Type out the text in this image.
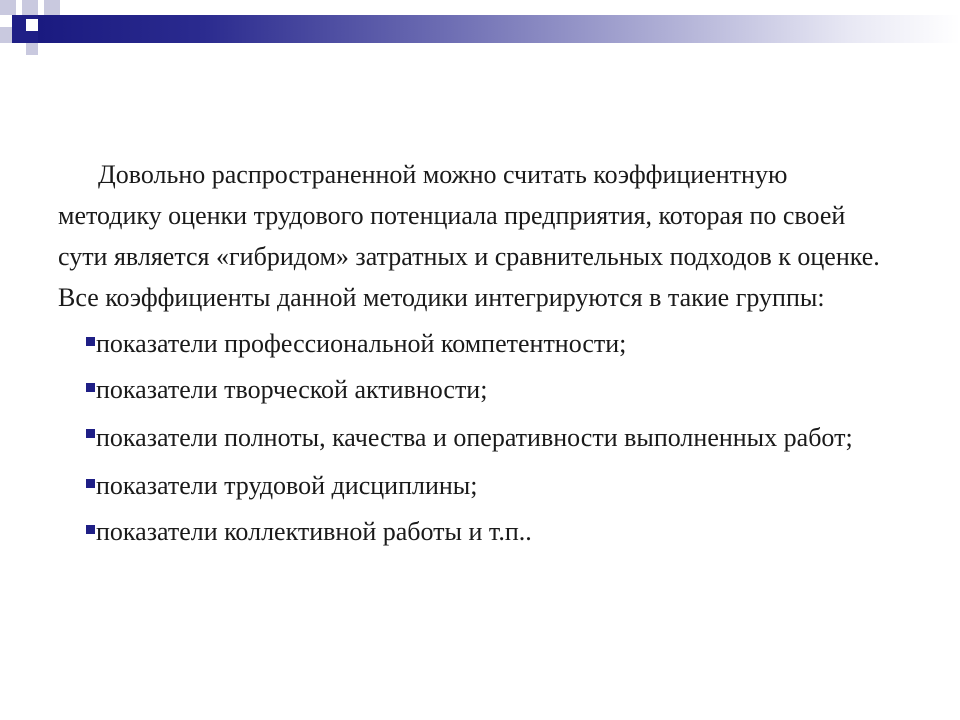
Довольно распространенной можно считать коэффициентную методику оценки трудового потенциала предприятия, которая по своей сути является «гибридом» затратных и сравнительных подходов к оценке. Все коэффициенты данной методики интегрируются в такие группы:

показатели профессиональной компетентности;
показатели творческой активности;
показатели полноты, качества и оперативности выполненных работ;
показатели трудовой дисциплины;
показатели коллективной работы и т.п..
